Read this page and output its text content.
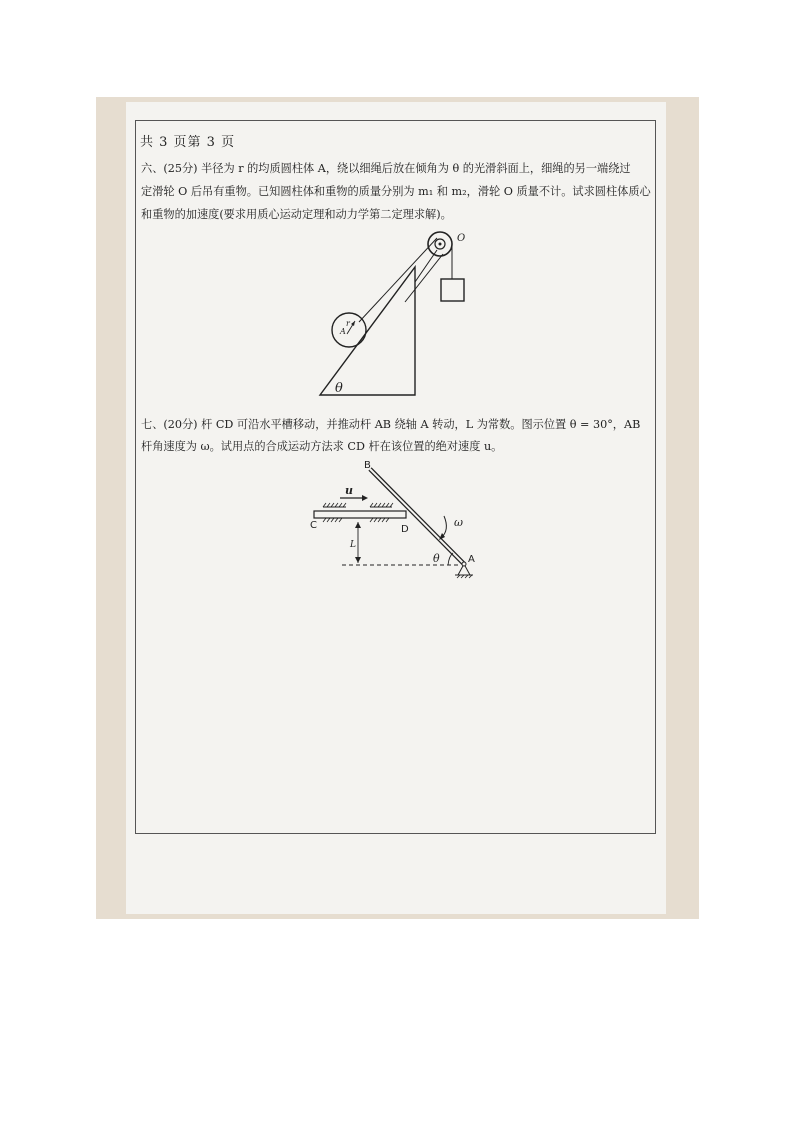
共 3 页第 3 页
六、(25分) 半径为 r 的均质圆柱体 A，绕以细绳后放在倾角为 θ 的光滑斜面上，细绳的另一端绕过
定滑轮 O 后吊有重物。已知圆柱体和重物的质量分别为 m₁ 和 m₂，滑轮 O 质量不计。试求圆柱体质心
和重物的加速度(要求用质心运动定理和动力学第二定理求解)。
O
r
A
θ
七、(20分) 杆 CD 可沿水平槽移动，并推动杆 AB 绕轴 A 转动，L 为常数。图示位置 θ = 30°，AB
杆角速度为 ω。试用点的合成运动方法求 CD 杆在该位置的绝对速度 u。
B
u
C	D
ω
L
θ	A
